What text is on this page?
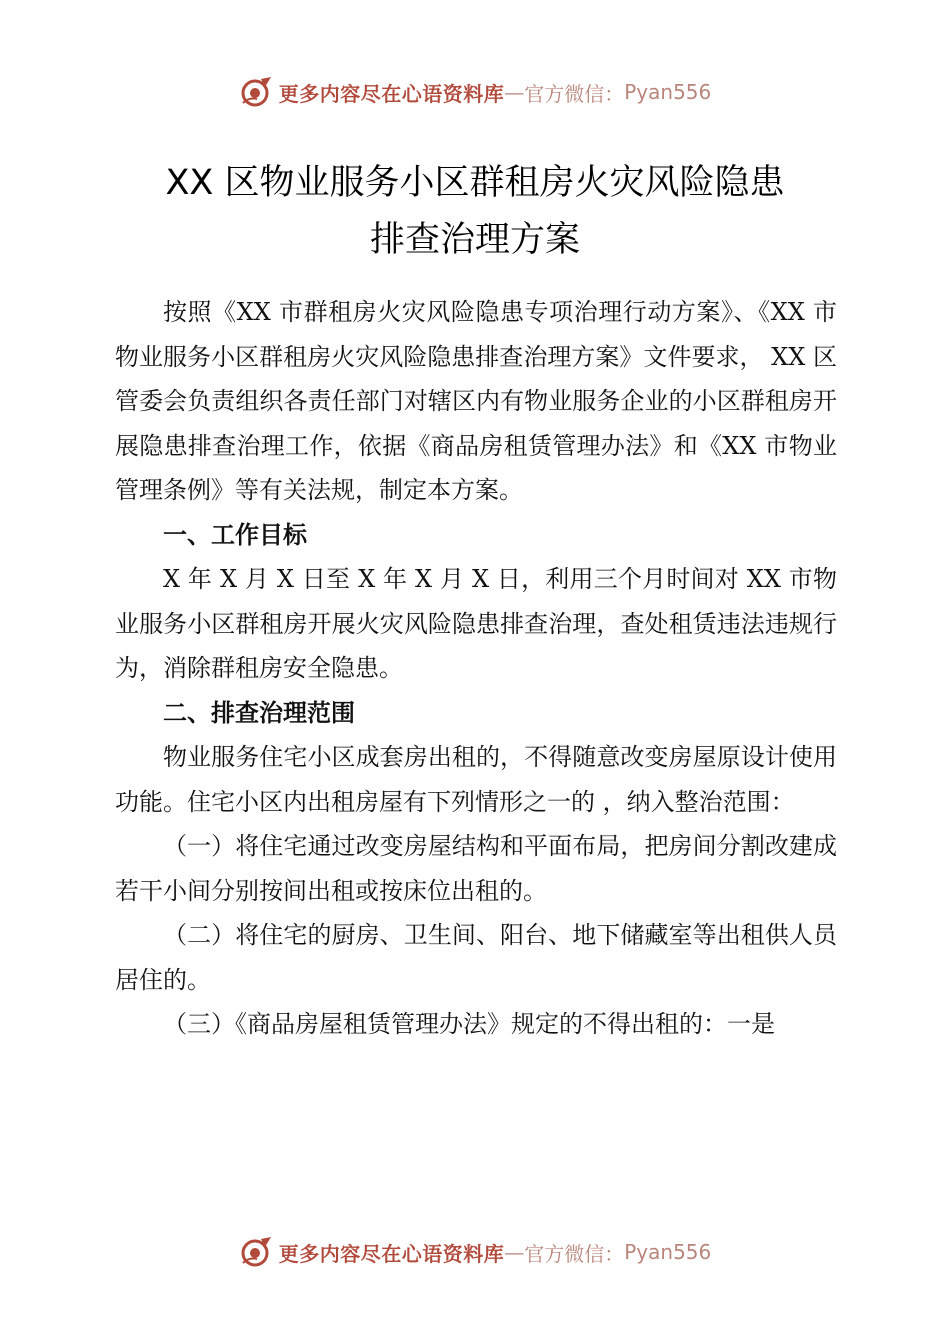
更多内容尽在心语资料库 — 官方微信： Pyan556
XX 区物业服务小区群租房火灾风险隐患
排查治理方案

按照《XX 市群租房火灾风险隐患专项治理行动方案》、《XX 市物业服务小区群租房火灾风险隐患排查治理方案》文件要求， XX 区管委会负责组织各责任部门对辖区内有物业服务企业的小区群租房开展隐患排查治理工作，依据《商品房租赁管理办法》和《XX 市物业管理条例》等有关法规，制定本方案。

一、工作目标

X 年 X 月 X 日至 X 年 X 月 X 日，利用三个月时间对 XX 市物业服务小区群租房开展火灾风险隐患排查治理，查处租赁违法违规行为，消除群租房安全隐患。

二、排查治理范围

物业服务住宅小区成套房出租的，不得随意改变房屋原设计使用功能。住宅小区内出租房屋有下列情形之一的 ，纳入整治范围：

（一）将住宅通过改变房屋结构和平面布局，把房间分割改建成若干小间分别按间出租或按床位出租的。

（二）将住宅的厨房、卫生间、阳台、地下储藏室等出租供人员居住的。

（三）《商品房屋租赁管理办法》规定的不得出租的：一是

更多内容尽在心语资料库 — 官方微信： Pyan556
